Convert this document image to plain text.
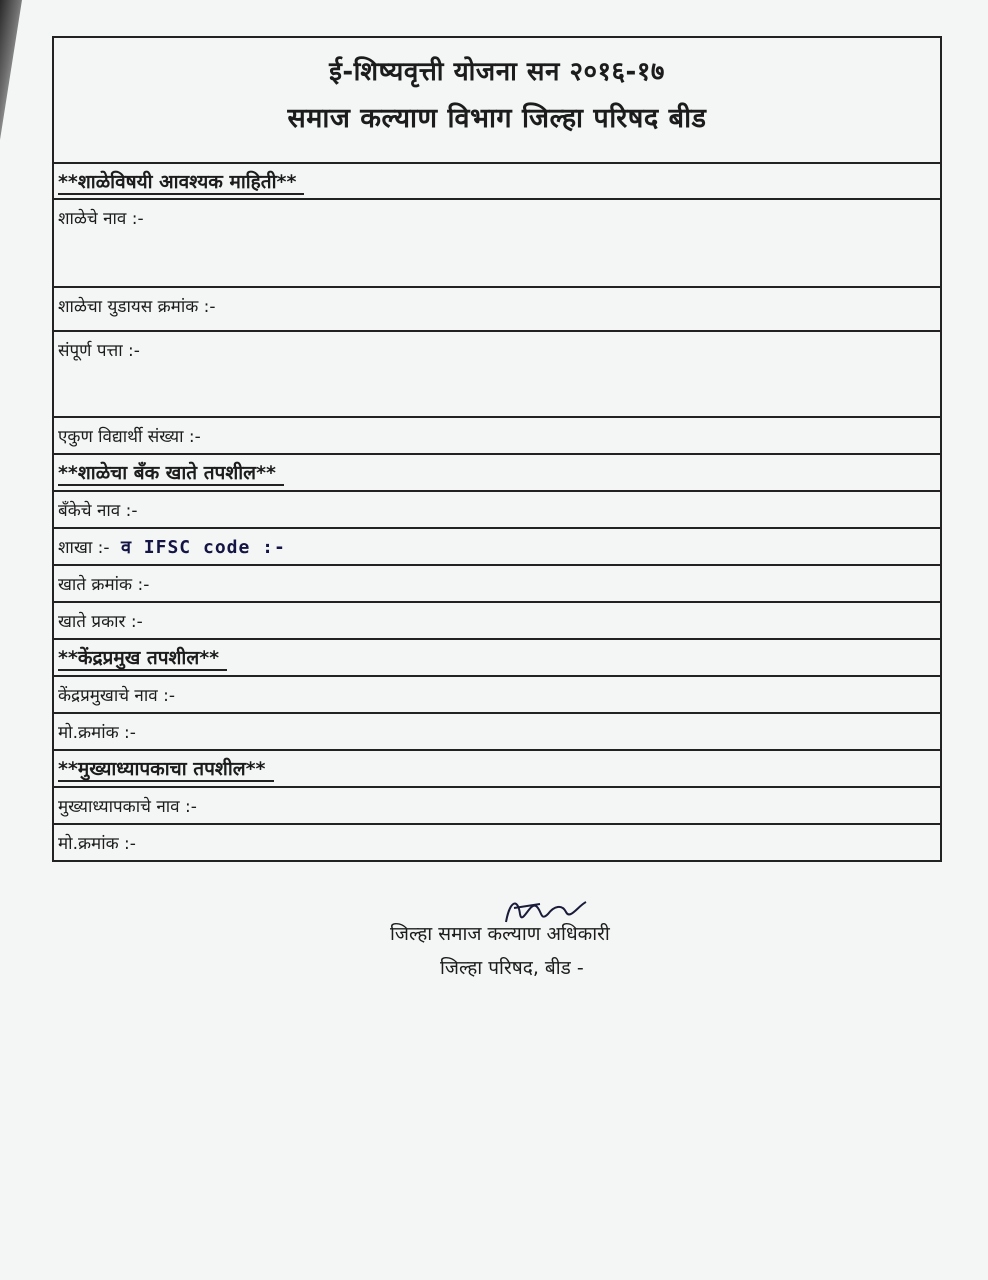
ई-शिष्यवृत्ती योजना सन २०१६-१७
समाज कल्याण विभाग जिल्हा परिषद बीड
**शाळेविषयी आवश्यक माहिती**
शाळेचे नाव :-
शाळेचा युडायस क्रमांक :-
संपूर्ण पत्ता :-
एकुण विद्यार्थी संख्या :-
**शाळेचा बँक खाते तपशील**
बँकेचे नाव :-
शाखा :- व IFSC code :-
खाते क्रमांक :-
खाते प्रकार :-
**केंद्रप्रमुख तपशील**
केंद्रप्रमुखाचे नाव :-
मो.क्रमांक :-
**मुख्याध्यापकाचा तपशील**
मुख्याध्यापकाचे नाव :-
मो.क्रमांक :-
जिल्हा समाज कल्याण अधिकारी
जिल्हा परिषद, बीड -
